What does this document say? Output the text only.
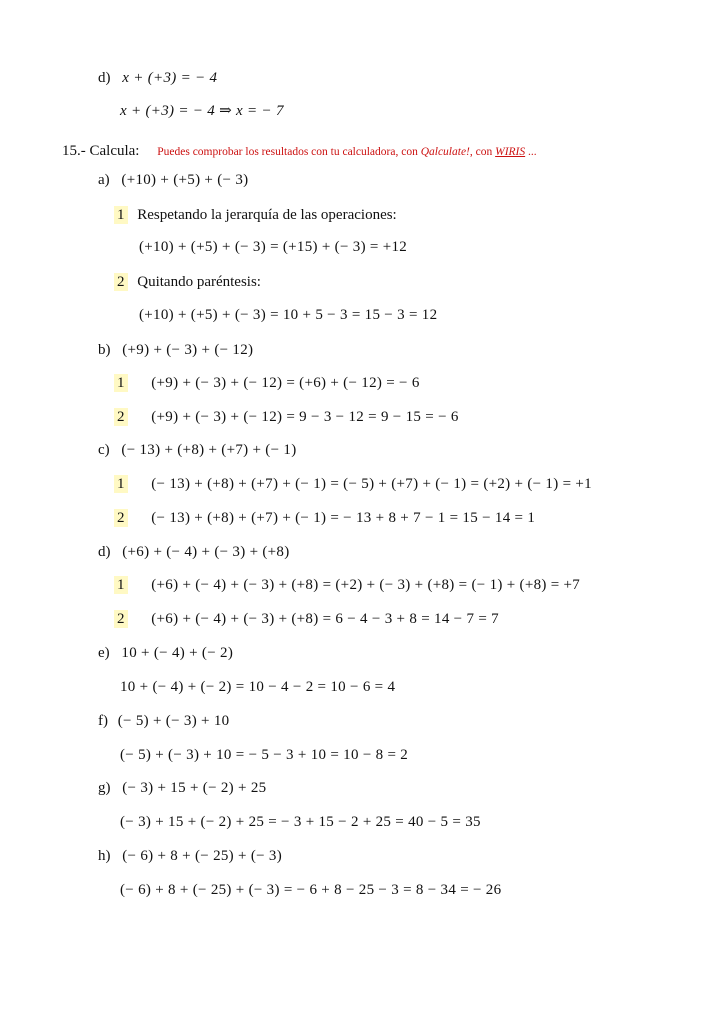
d) x + (+3) = − 4
x + (+3) = − 4 ⇒ x = − 7
15.- Calcula: Puedes comprobar los resultados con tu calculadora, con Qalculate!, con WIRIS ...
a) (+10) + (+5) + (− 3)
1 Respetando la jerarquía de las operaciones:
(+10) + (+5) + (− 3) = (+15) + (− 3) = +12
2 Quitando paréntesis:
(+10) + (+5) + (− 3) = 10 + 5 − 3 = 15 − 3 = 12
b) (+9) + (− 3) + (− 12)
1 (+9) + (− 3) + (− 12) = (+6) + (− 12) = − 6
2 (+9) + (− 3) + (− 12) = 9 − 3 − 12 = 9 − 15 = − 6
c) (− 13) + (+8) + (+7) + (− 1)
1 (− 13) + (+8) + (+7) + (− 1) = (− 5) + (+7) + (− 1) = (+2) + (− 1) = +1
2 (− 13) + (+8) + (+7) + (− 1) = − 13 + 8 + 7 − 1 = 15 − 14 = 1
d) (+6) + (− 4) + (− 3) + (+8)
1 (+6) + (− 4) + (− 3) + (+8) = (+2) + (− 3) + (+8) = (− 1) + (+8) = +7
2 (+6) + (− 4) + (− 3) + (+8) = 6 − 4 − 3 + 8 = 14 − 7 = 7
e) 10 + (− 4) + (− 2)
10 + (− 4) + (− 2) = 10 − 4 − 2 = 10 − 6 = 4
f) (− 5) + (− 3) + 10
(− 5) + (− 3) + 10 = − 5 − 3 + 10 = 10 − 8 = 2
g) (− 3) + 15 + (− 2) + 25
(− 3) + 15 + (− 2) + 25 = − 3 + 15 − 2 + 25 = 40 − 5 = 35
h) (− 6) + 8 + (− 25) + (− 3)
(− 6) + 8 + (− 25) + (− 3) = − 6 + 8 − 25 − 3 = 8 − 34 = − 26
